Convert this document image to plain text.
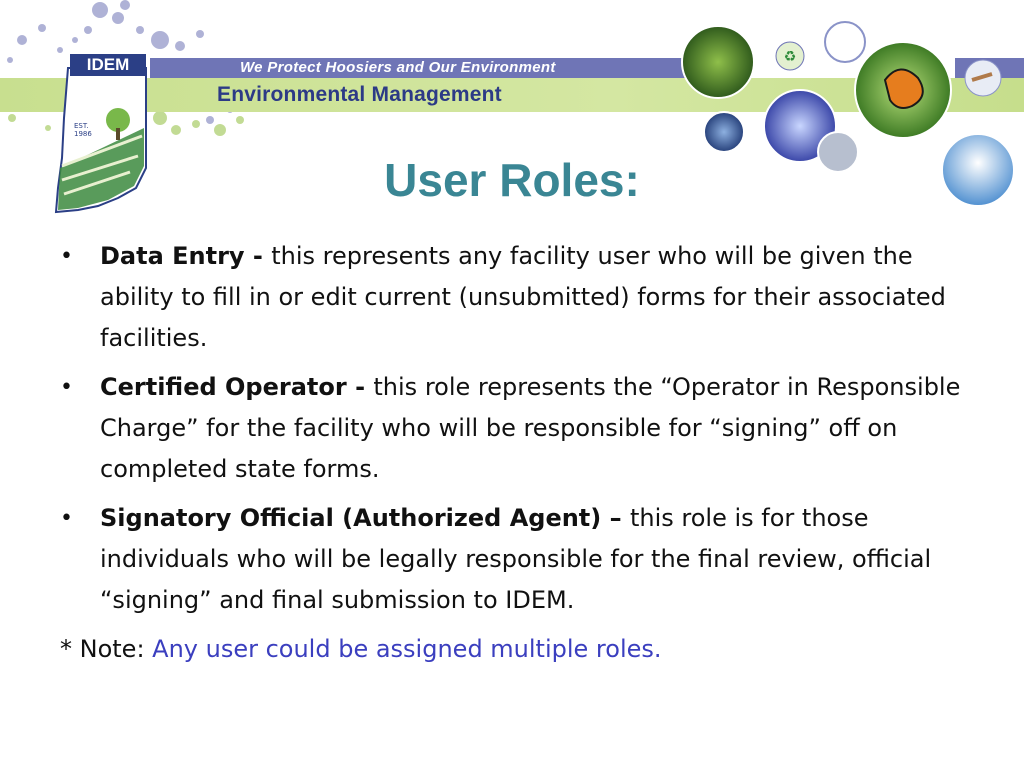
We Protect Hoosiers and Our Environment
Environmental Management
EST.
1986
IDEM	♻
User Roles:
• Data Entry - this represents any facility user who will be given the ability to fill in or edit current (unsubmitted) forms for their associated facilities.
• Certified Operator - this role represents the “Operator in Responsible Charge” for the facility who will be responsible for “signing” off on completed state forms.
• Signatory Official (Authorized Agent) – this role is for those individuals who will be legally responsible for the final review, official “signing” and final submission to IDEM.
* Note: Any user could be assigned multiple roles.
